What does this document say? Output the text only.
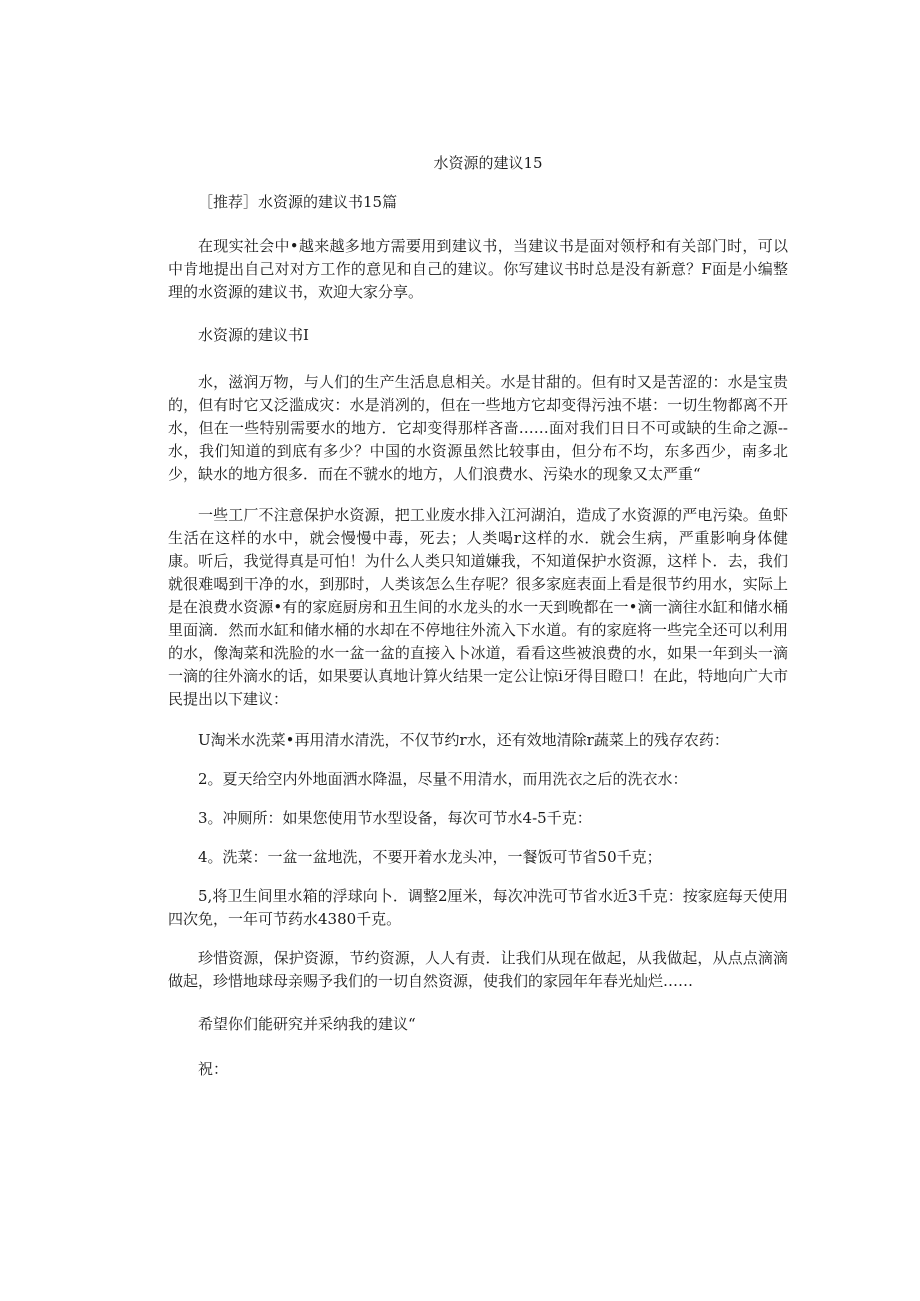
水资源的建议15
［推荐］水资源的建议书15篇
在现实社会中•越来越多地方需要用到建议书，当建议书是面对领杼和有关部门时，可以中肯地提出自己对对方工作的意见和自己的建议。你写建议书时总是没有新意？F面是小编整理的水资源的建议书，欢迎大家分享。
水资源的建议书I
水，滋润万物，与人们的生产生活息息相关。水是甘甜的。但有时又是苦涩的：水是宝贵的，但有时它又泛滥成灾：水是消冽的，但在一些地方它却变得污浊不堪：一切生物都离不开水，但在一些特别需要水的地方．它却变得那样吝啬……面对我们日日不可或缺的生命之源--水，我们知道的到底有多少？中国的水资源虽然比较事由，但分布不均，东多西少，南多北少，缺水的地方很多．而在不虢水的地方，人们浪费水、污染水的现象又太严重“
一些工厂不注意保护水资源，把工业废水排入江河湖泊，造成了水资源的严电污染。鱼虾生活在这样的水中，就会慢慢中毒，死去；人类喝r这样的水．就会生病，严重影响身体健康。听后，我觉得真是可怕！为什么人类只知道嫌我，不知道保护水资源，这样卜．去，我们就很难喝到干净的水，到那时，人类该怎么生存呢？很多家庭表面上看是很节约用水，实际上是在浪费水资源•有的家庭厨房和丑生间的水龙头的水一天到晚都在一•滴一滴往水缸和储水桶里面滴．然而水缸和储水桶的水却在不停地往外流入下水道。有的家庭将一些完全还可以利用的水，像淘菜和洗脸的水一盆一盆的直接入卜冰道，看看这些被浪费的水，如果一年到头一滴一滴的往外滴水的话，如果要认真地计算火结果一定公让惊i牙得目瞪口！在此，特地向广大市民提出以下建议：
U淘米水洗菜•再用清水清洗，不仅节约r水，还有效地清除r蔬菜上的残存农药：
2。夏天给空内外地面洒水降温，尽量不用清水，而用洗衣之后的洗衣水：
3。冲厕所：如果您使用节水型设备，每次可节水4-5千克：
4。洗菜：一盆一盆地洗，不要开着水龙头冲，一餐饭可节省50千克；
5,将卫生间里水箱的浮球向卜．调整2厘米，每次冲洗可节省水近3千克：按家庭每天使用四次免，一年可节药水4380千克。
珍惜资源，保护资源，节约资源，人人有责．让我们从现在做起，从我做起，从点点滴滴做起，珍惜地球母亲赐予我们的一切自然资源，使我们的家园年年春光灿烂……
希望你们能研究并采纳我的建议“
祝：
